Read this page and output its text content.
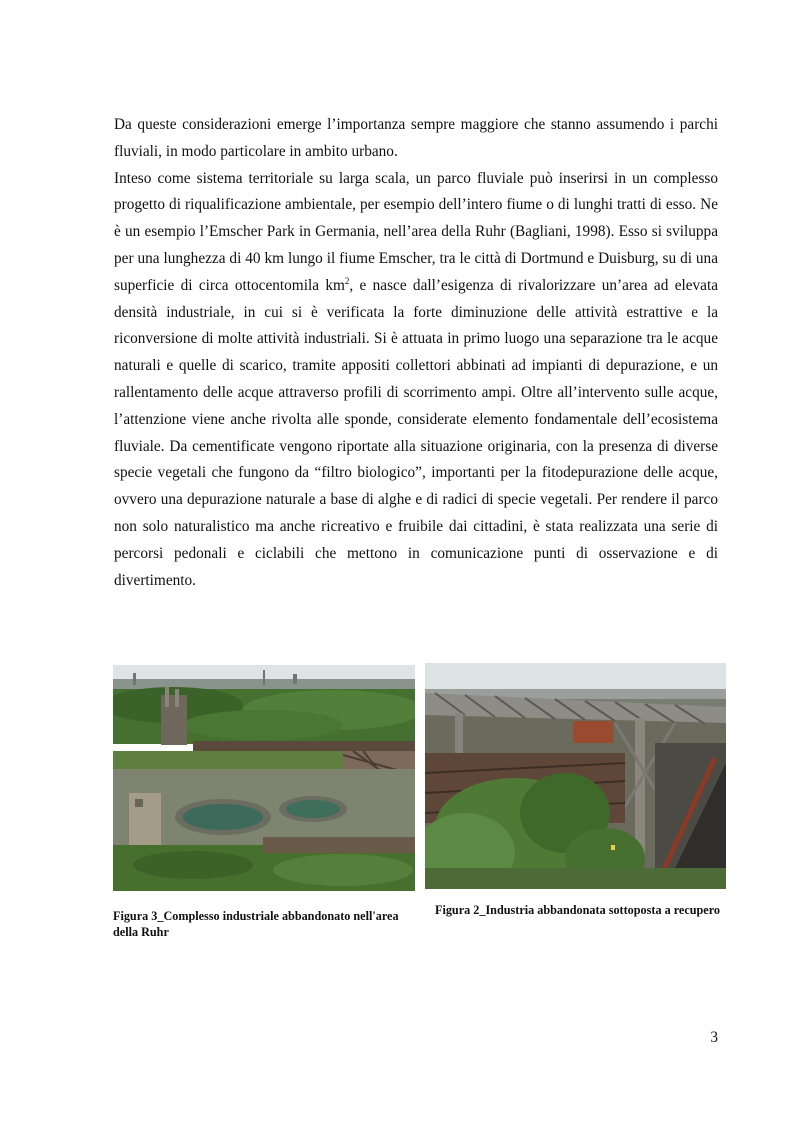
Da queste considerazioni emerge l’importanza sempre maggiore che stanno assumendo i parchi fluviali, in modo particolare in ambito urbano.

Inteso come sistema territoriale su larga scala, un parco fluviale può inserirsi in un complesso progetto di riqualificazione ambientale, per esempio dell’intero fiume o di lunghi tratti di esso. Ne è un esempio l’Emscher Park in Germania, nell’area della Ruhr (Bagliani, 1998). Esso si sviluppa per una lunghezza di 40 km lungo il fiume Emscher, tra le città di Dortmund e Duisburg, su di una superficie di circa ottocentomila $km^2$, e nasce dall’esigenza di rivalorizzare un’area ad elevata densità industriale, in cui si è verificata la forte diminuzione delle attività estrattive e la riconversione di molte attività industriali. Si è attuata in primo luogo una separazione tra le acque naturali e quelle di scarico, tramite appositi collettori abbinati ad impianti di depurazione, e un rallentamento delle acque attraverso profili di scorrimento ampi. Oltre all’intervento sulle acque, l’attenzione viene anche rivolta alle sponde, considerate elemento fondamentale dell’ecosistema fluviale. Da cementificate vengono riportate alla situazione originaria, con la presenza di diverse specie vegetali che fungono da “filtro biologico”, importanti per la fitodepurazione delle acque, ovvero una depurazione naturale a base di alghe e di radici di specie vegetali. Per rendere il parco non solo naturalistico ma anche ricreativo e fruibile dai cittadini, è stata realizzata una serie di percorsi pedonali e ciclabili che mettono in comunicazione punti di osservazione e di divertimento.

Figura 3_Complesso industriale abbandonato nell'area della Ruhr
Figura 2_Industria abbandonata sottoposta a recupero
3
